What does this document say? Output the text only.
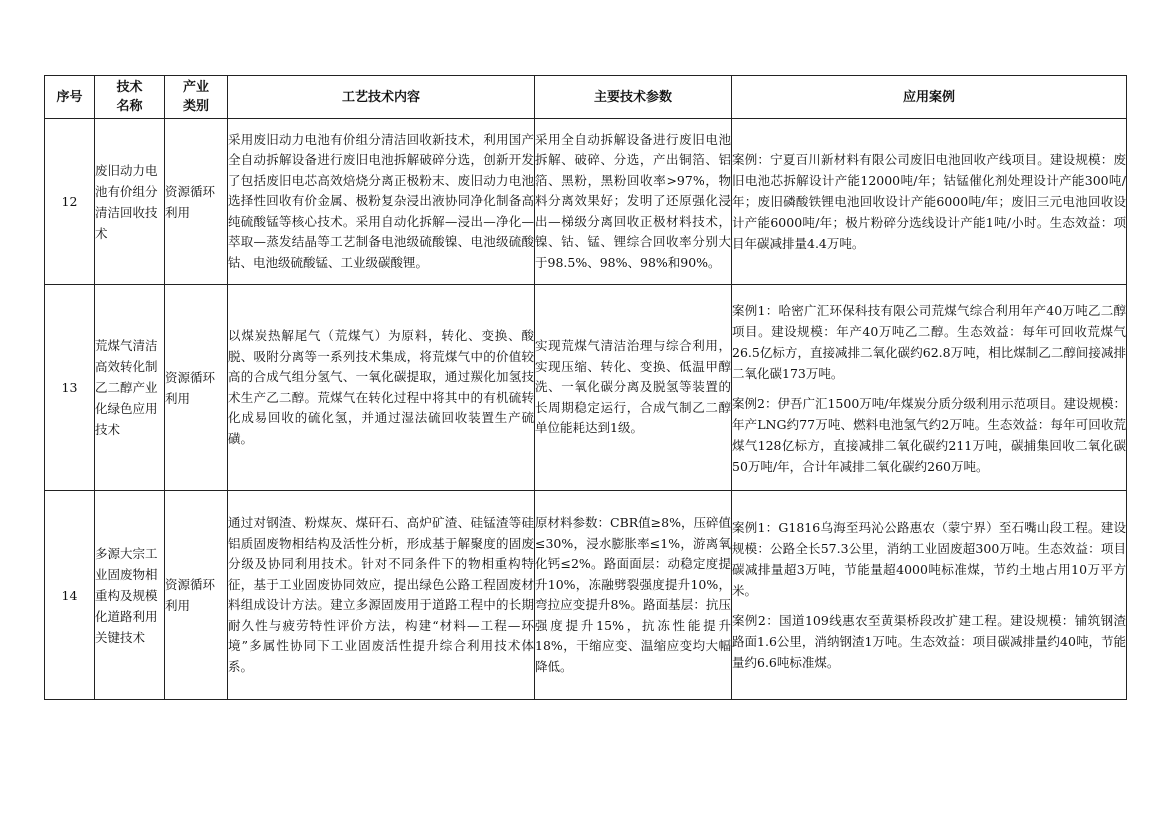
序号	技术名称	产业类别	工艺技术内容	主要技术参数	应用案例
12	废旧动力电池有价组分清洁回收技术	资源循环利用	采用废旧动力电池有价组分清洁回收新技术，利用国产全自动拆解设备进行废旧电池拆解破碎分选，创新开发了包括废旧电芯高效焙烧分离正极粉末、废旧动力电池选择性回收有价金属、极粉复杂浸出液协同净化制备高纯硫酸锰等核心技术。采用自动化拆解—浸出—净化—萃取—蒸发结晶等工艺制备电池级硫酸镍、电池级硫酸钴、电池级硫酸锰、工业级碳酸锂。	采用全自动拆解设备进行废旧电池拆解、破碎、分选，产出铜箔、铝箔、黑粉，黑粉回收率>97%，物料分离效果好；发明了还原强化浸出—梯级分离回收正极材料技术，镍、钴、锰、锂综合回收率分别大于98.5%、98%、98%和90%。	案例：宁夏百川新材料有限公司废旧电池回收产线项目。建设规模：废旧电池芯拆解设计产能12000吨/年；钴锰催化剂处理设计产能300吨/年；废旧磷酸铁锂电池回收设计产能6000吨/年；废旧三元电池回收设计产能6000吨/年；极片粉碎分选线设计产能1吨/小时。生态效益：项目年碳减排量4.4万吨。

13	荒煤气清洁高效转化制乙二醇产业化绿色应用技术	资源循环利用	以煤炭热解尾气（荒煤气）为原料，转化、变换、酸脱、吸附分离等一系列技术集成，将荒煤气中的价值较高的合成气组分氢气、一氧化碳提取，通过羰化加氢技术生产乙二醇。荒煤气在转化过程中将其中的有机硫转化成易回收的硫化氢，并通过湿法硫回收装置生产硫磺。	实现荒煤气清洁治理与综合利用，实现压缩、转化、变换、低温甲醇洗、一氧化碳分离及脱氢等装置的长周期稳定运行，合成气制乙二醇单位能耗达到1级。	案例1：哈密广汇环保科技有限公司荒煤气综合利用年产40万吨乙二醇项目。建设规模：年产40万吨乙二醇。生态效益：每年可回收荒煤气26.5亿标方，直接减排二氧化碳约62.8万吨，相比煤制乙二醇间接减排二氧化碳173万吨。

案例2：伊吾广汇1500万吨/年煤炭分质分级利用示范项目。建设规模：年产LNG约77万吨、燃料电池氢气约2万吨。生态效益：每年可回收荒煤气128亿标方，直接减排二氧化碳约211万吨，碳捕集回收二氧化碳50万吨/年，合计年减排二氧化碳约260万吨。

14	多源大宗工业固废物相重构及规模化道路利用关键技术	资源循环利用	通过对钢渣、粉煤灰、煤矸石、高炉矿渣、硅锰渣等硅铝质固废物相结构及活性分析，形成基于解聚度的固废分级及协同利用技术。针对不同条件下的物相重构特征，基于工业固废协同效应，提出绿色公路工程固废材料组成设计方法。建立多源固废用于道路工程中的长期耐久性与疲劳特性评价方法，构建“材料—工程—环境”多属性协同下工业固废活性提升综合利用技术体系。	原材料参数：CBR值≥8%，压碎值≤30%，浸水膨胀率≤1%，游离氧化钙≤2%。路面面层：动稳定度提升10%，冻融劈裂强度提升10%，弯拉应变提升8%。路面基层：抗压强度提升15%，抗冻性能提升18%，干缩应变、温缩应变均大幅降低。	案例1：G1816乌海至玛沁公路惠农（蒙宁界）至石嘴山段工程。建设规模：公路全长57.3公里，消纳工业固废超300万吨。生态效益：项目碳减排量超3万吨，节能量超4000吨标准煤，节约土地占用10万平方米。

案例2：国道109线惠农至黄渠桥段改扩建工程。建设规模：铺筑钢渣路面1.6公里，消纳钢渣1万吨。生态效益：项目碳减排量约40吨，节能量约6.6吨标准煤。
